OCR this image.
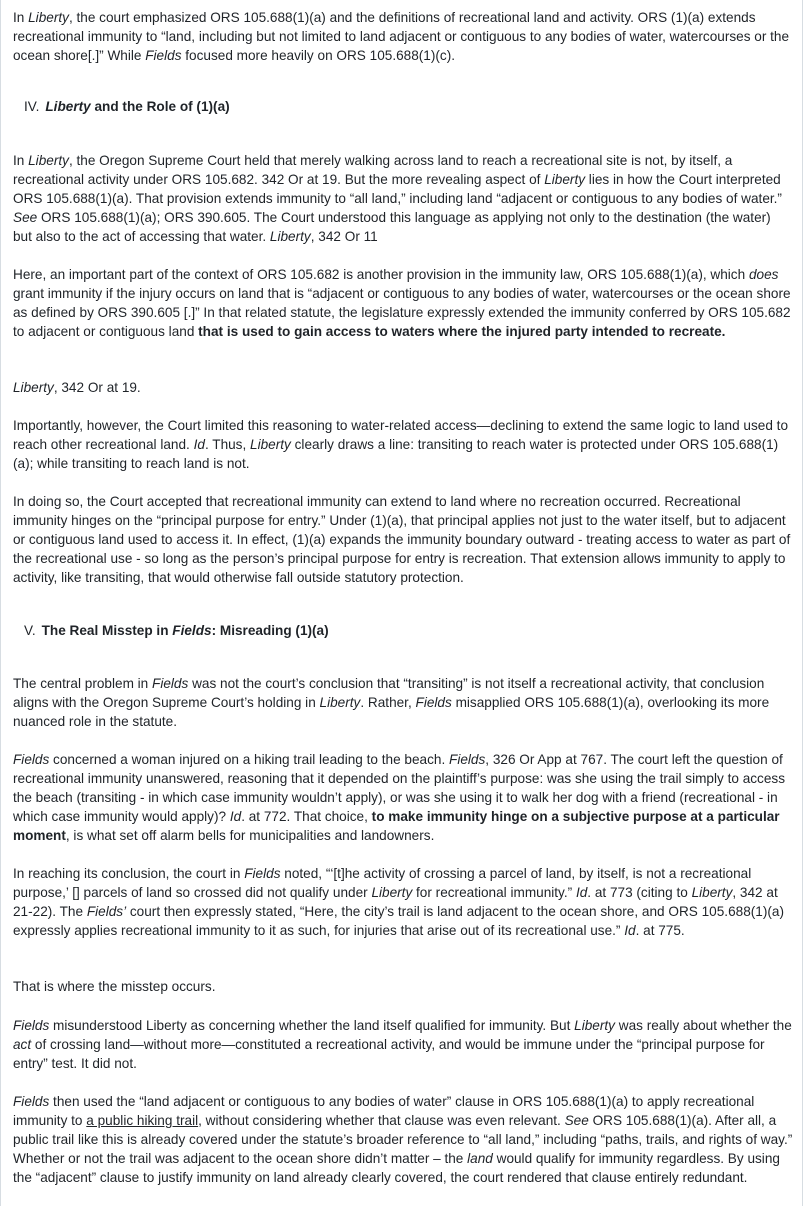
In Liberty, the court emphasized ORS 105.688(1)(a) and the definitions of recreational land and activity. ORS (1)(a) extends recreational immunity to “land, including but not limited to land adjacent or contiguous to any bodies of water, watercourses or the ocean shore[.]” While Fields focused more heavily on ORS 105.688(1)(c).

IV. Liberty and the Role of (1)(a)

In Liberty, the Oregon Supreme Court held that merely walking across land to reach a recreational site is not, by itself, a recreational activity under ORS 105.682. 342 Or at 19. But the more revealing aspect of Liberty lies in how the Court interpreted ORS 105.688(1)(a). That provision extends immunity to “all land,” including land “adjacent or contiguous to any bodies of water.” See ORS 105.688(1)(a); ORS 390.605. The Court understood this language as applying not only to the destination (the water) but also to the act of accessing that water. Liberty, 342 Or 11

Here, an important part of the context of ORS 105.682 is another provision in the immunity law, ORS 105.688(1)(a), which does grant immunity if the injury occurs on land that is “adjacent or contiguous to any bodies of water, watercourses or the ocean shore as defined by ORS 390.605 [.]” In that related statute, the legislature expressly extended the immunity conferred by ORS 105.682 to adjacent or contiguous land that is used to gain access to waters where the injured party intended to recreate.

Liberty, 342 Or at 19.

Importantly, however, the Court limited this reasoning to water-related access—declining to extend the same logic to land used to reach other recreational land. Id. Thus, Liberty clearly draws a line: transiting to reach water is protected under ORS 105.688(1)(a); while transiting to reach land is not.

In doing so, the Court accepted that recreational immunity can extend to land where no recreation occurred. Recreational immunity hinges on the “principal purpose for entry.” Under (1)(a), that principal applies not just to the water itself, but to adjacent or contiguous land used to access it. In effect, (1)(a) expands the immunity boundary outward - treating access to water as part of the recreational use - so long as the person’s principal purpose for entry is recreation. That extension allows immunity to apply to activity, like transiting, that would otherwise fall outside statutory protection.

V. The Real Misstep in Fields: Misreading (1)(a)

The central problem in Fields was not the court’s conclusion that “transiting” is not itself a recreational activity, that conclusion aligns with the Oregon Supreme Court’s holding in Liberty. Rather, Fields misapplied ORS 105.688(1)(a), overlooking its more nuanced role in the statute.

Fields concerned a woman injured on a hiking trail leading to the beach. Fields, 326 Or App at 767. The court left the question of recreational immunity unanswered, reasoning that it depended on the plaintiff’s purpose: was she using the trail simply to access the beach (transiting - in which case immunity wouldn’t apply), or was she using it to walk her dog with a friend (recreational - in which case immunity would apply)? Id. at 772. That choice, to make immunity hinge on a subjective purpose at a particular moment, is what set off alarm bells for municipalities and landowners.

In reaching its conclusion, the court in Fields noted, “‘[t]he activity of crossing a parcel of land, by itself, is not a recreational purpose,’ [] parcels of land so crossed did not qualify under Liberty for recreational immunity.” Id. at 773 (citing to Liberty, 342 at 21-22). The Fields’ court then expressly stated, “Here, the city’s trail is land adjacent to the ocean shore, and ORS 105.688(1)(a) expressly applies recreational immunity to it as such, for injuries that arise out of its recreational use.” Id. at 775.

That is where the misstep occurs.

Fields misunderstood Liberty as concerning whether the land itself qualified for immunity. But Liberty was really about whether the act of crossing land—without more—constituted a recreational activity, and would be immune under the “principal purpose for entry” test. It did not.

Fields then used the “land adjacent or contiguous to any bodies of water” clause in ORS 105.688(1)(a) to apply recreational immunity to a public hiking trail, without considering whether that clause was even relevant. See ORS 105.688(1)(a). After all, a public trail like this is already covered under the statute’s broader reference to “all land,” including “paths, trails, and rights of way.” Whether or not the trail was adjacent to the ocean shore didn’t matter – the land would qualify for immunity regardless. By using the “adjacent” clause to justify immunity on land already clearly covered, the court rendered that clause entirely redundant.
